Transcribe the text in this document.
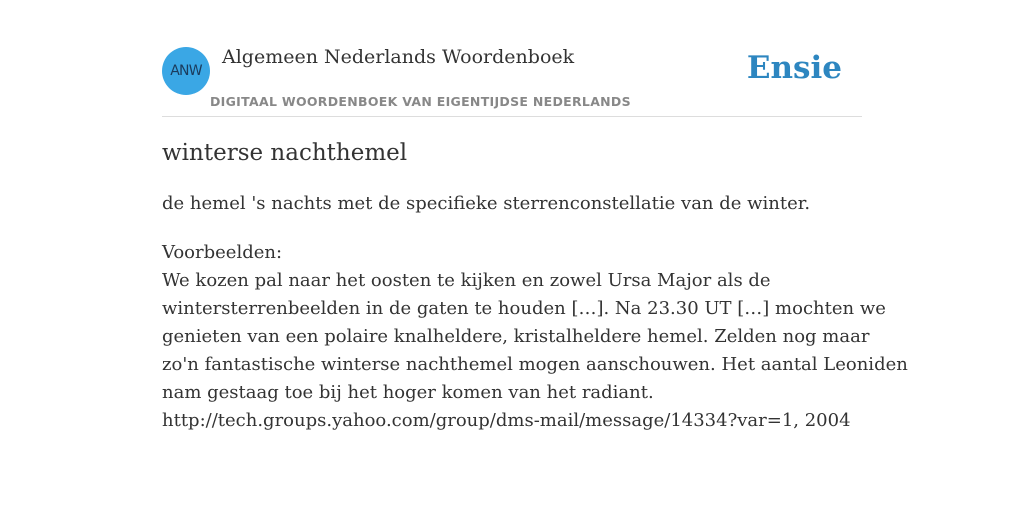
ANW
Algemeen Nederlands Woordenboek
DIGITAAL WOORDENBOEK VAN EIGENTIJDSE NEDERLANDS
Ensie
winterse nachthemel
de hemel 's nachts met de specifieke sterrenconstellatie van de winter.
Voorbeelden:
We kozen pal naar het oosten te kijken en zowel Ursa Major als de
wintersterrenbeelden in de gaten te houden […]. Na 23.30 UT […] mochten we
genieten van een polaire knalheldere, kristalheldere hemel. Zelden nog maar
zo'n fantastische winterse nachthemel mogen aanschouwen. Het aantal Leoniden
nam gestaag toe bij het hoger komen van het radiant.
http://tech.groups.yahoo.com/group/dms-mail/message/14334?var=1, 2004
